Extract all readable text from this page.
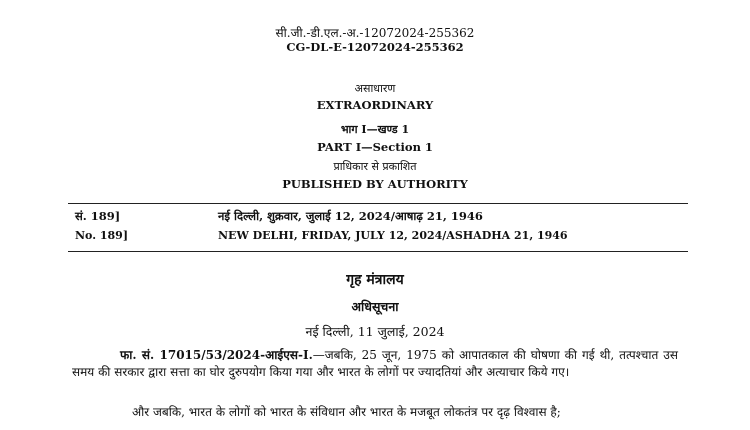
सी.जी.-डी.एल.-अ.-12072024-255362
CG-DL-E-12072024-255362
असाधारण
EXTRAORDINARY
भाग I—खण्ड 1
PART I—Section 1
प्राधिकार से प्रकाशित
PUBLISHED BY AUTHORITY
सं. 189]	नई दिल्ली, शुक्रवार, जुलाई 12, 2024/आषाढ़ 21, 1946
No. 189]	NEW DELHI, FRIDAY, JULY 12, 2024/ASHADHA 21, 1946
गृह मंत्रालय
अधिसूचना
नई दिल्ली, 11 जुलाई, 2024
फा. सं. 17015/53/2024-आईएस-I.—जबकि, 25 जून, 1975 को आपातकाल की घोषणा की गई थी, तत्पश्चात उस समय की सरकार द्वारा सत्ता का घोर दुरुपयोग किया गया और भारत के लोगों पर ज्यादतियां और अत्याचार किये गए।
और जबकि, भारत के लोगों को भारत के संविधान और भारत के मजबूत लोकतंत्र पर दृढ़ विश्वास है;
